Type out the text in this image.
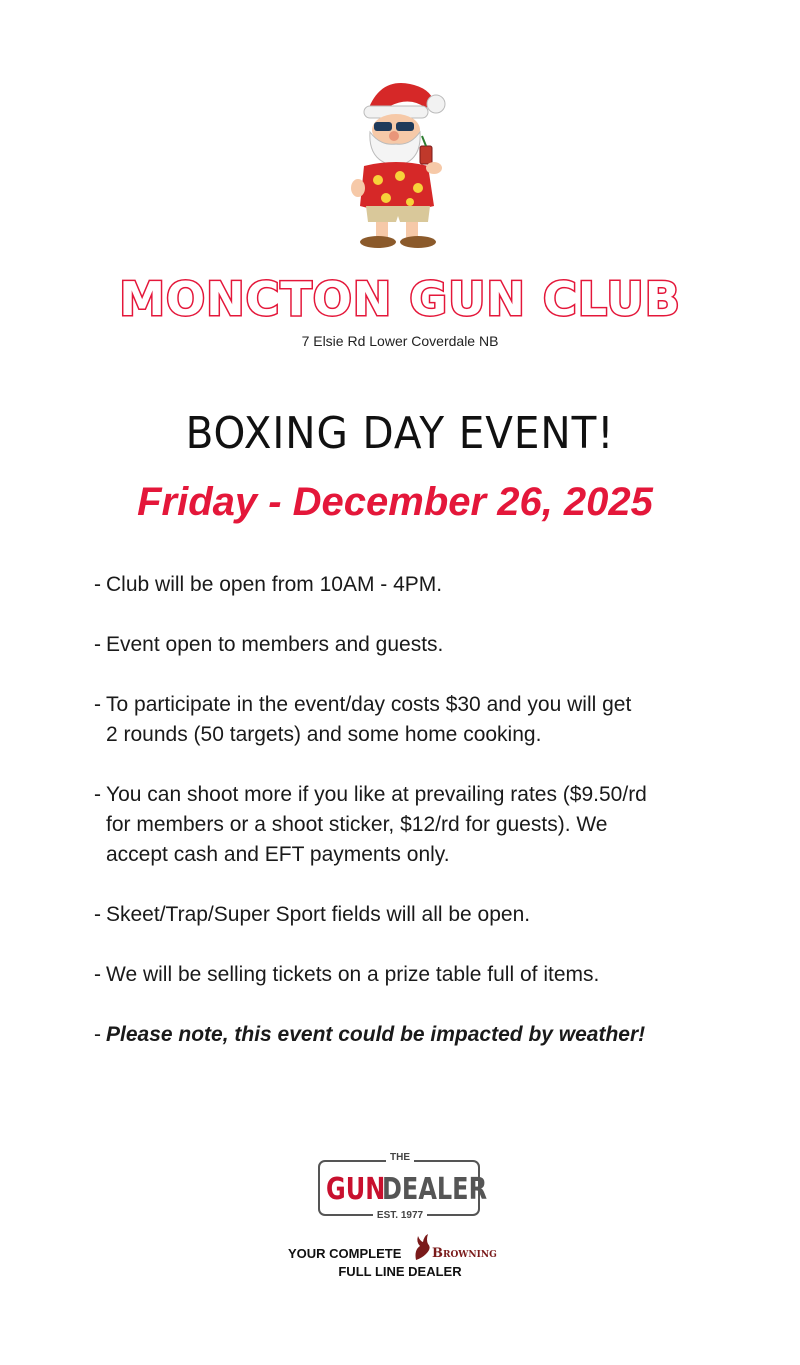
MONCTON GUN CLUB
7 Elsie Rd Lower Coverdale NB
BOXING DAY EVENT!
Friday - December 26, 2025
- Club will be open from 10AM - 4PM.
- Event open to members and guests.
- To participate in the event/day costs $30 and you will get
2 rounds (50 targets) and some home cooking.
- You can shoot more if you like at prevailing rates ($9.50/rd
for members or a shoot sticker, $12/rd for guests). We
accept cash and EFT payments only.
- Skeet/Trap/Super Sport fields will all be open.
- We will be selling tickets on a prize table full of items.
- Please note, this event could be impacted by weather!
THE
GUN
DEALER
EST. 1977
YOUR COMPLETE Browning
FULL LINE DEALER
